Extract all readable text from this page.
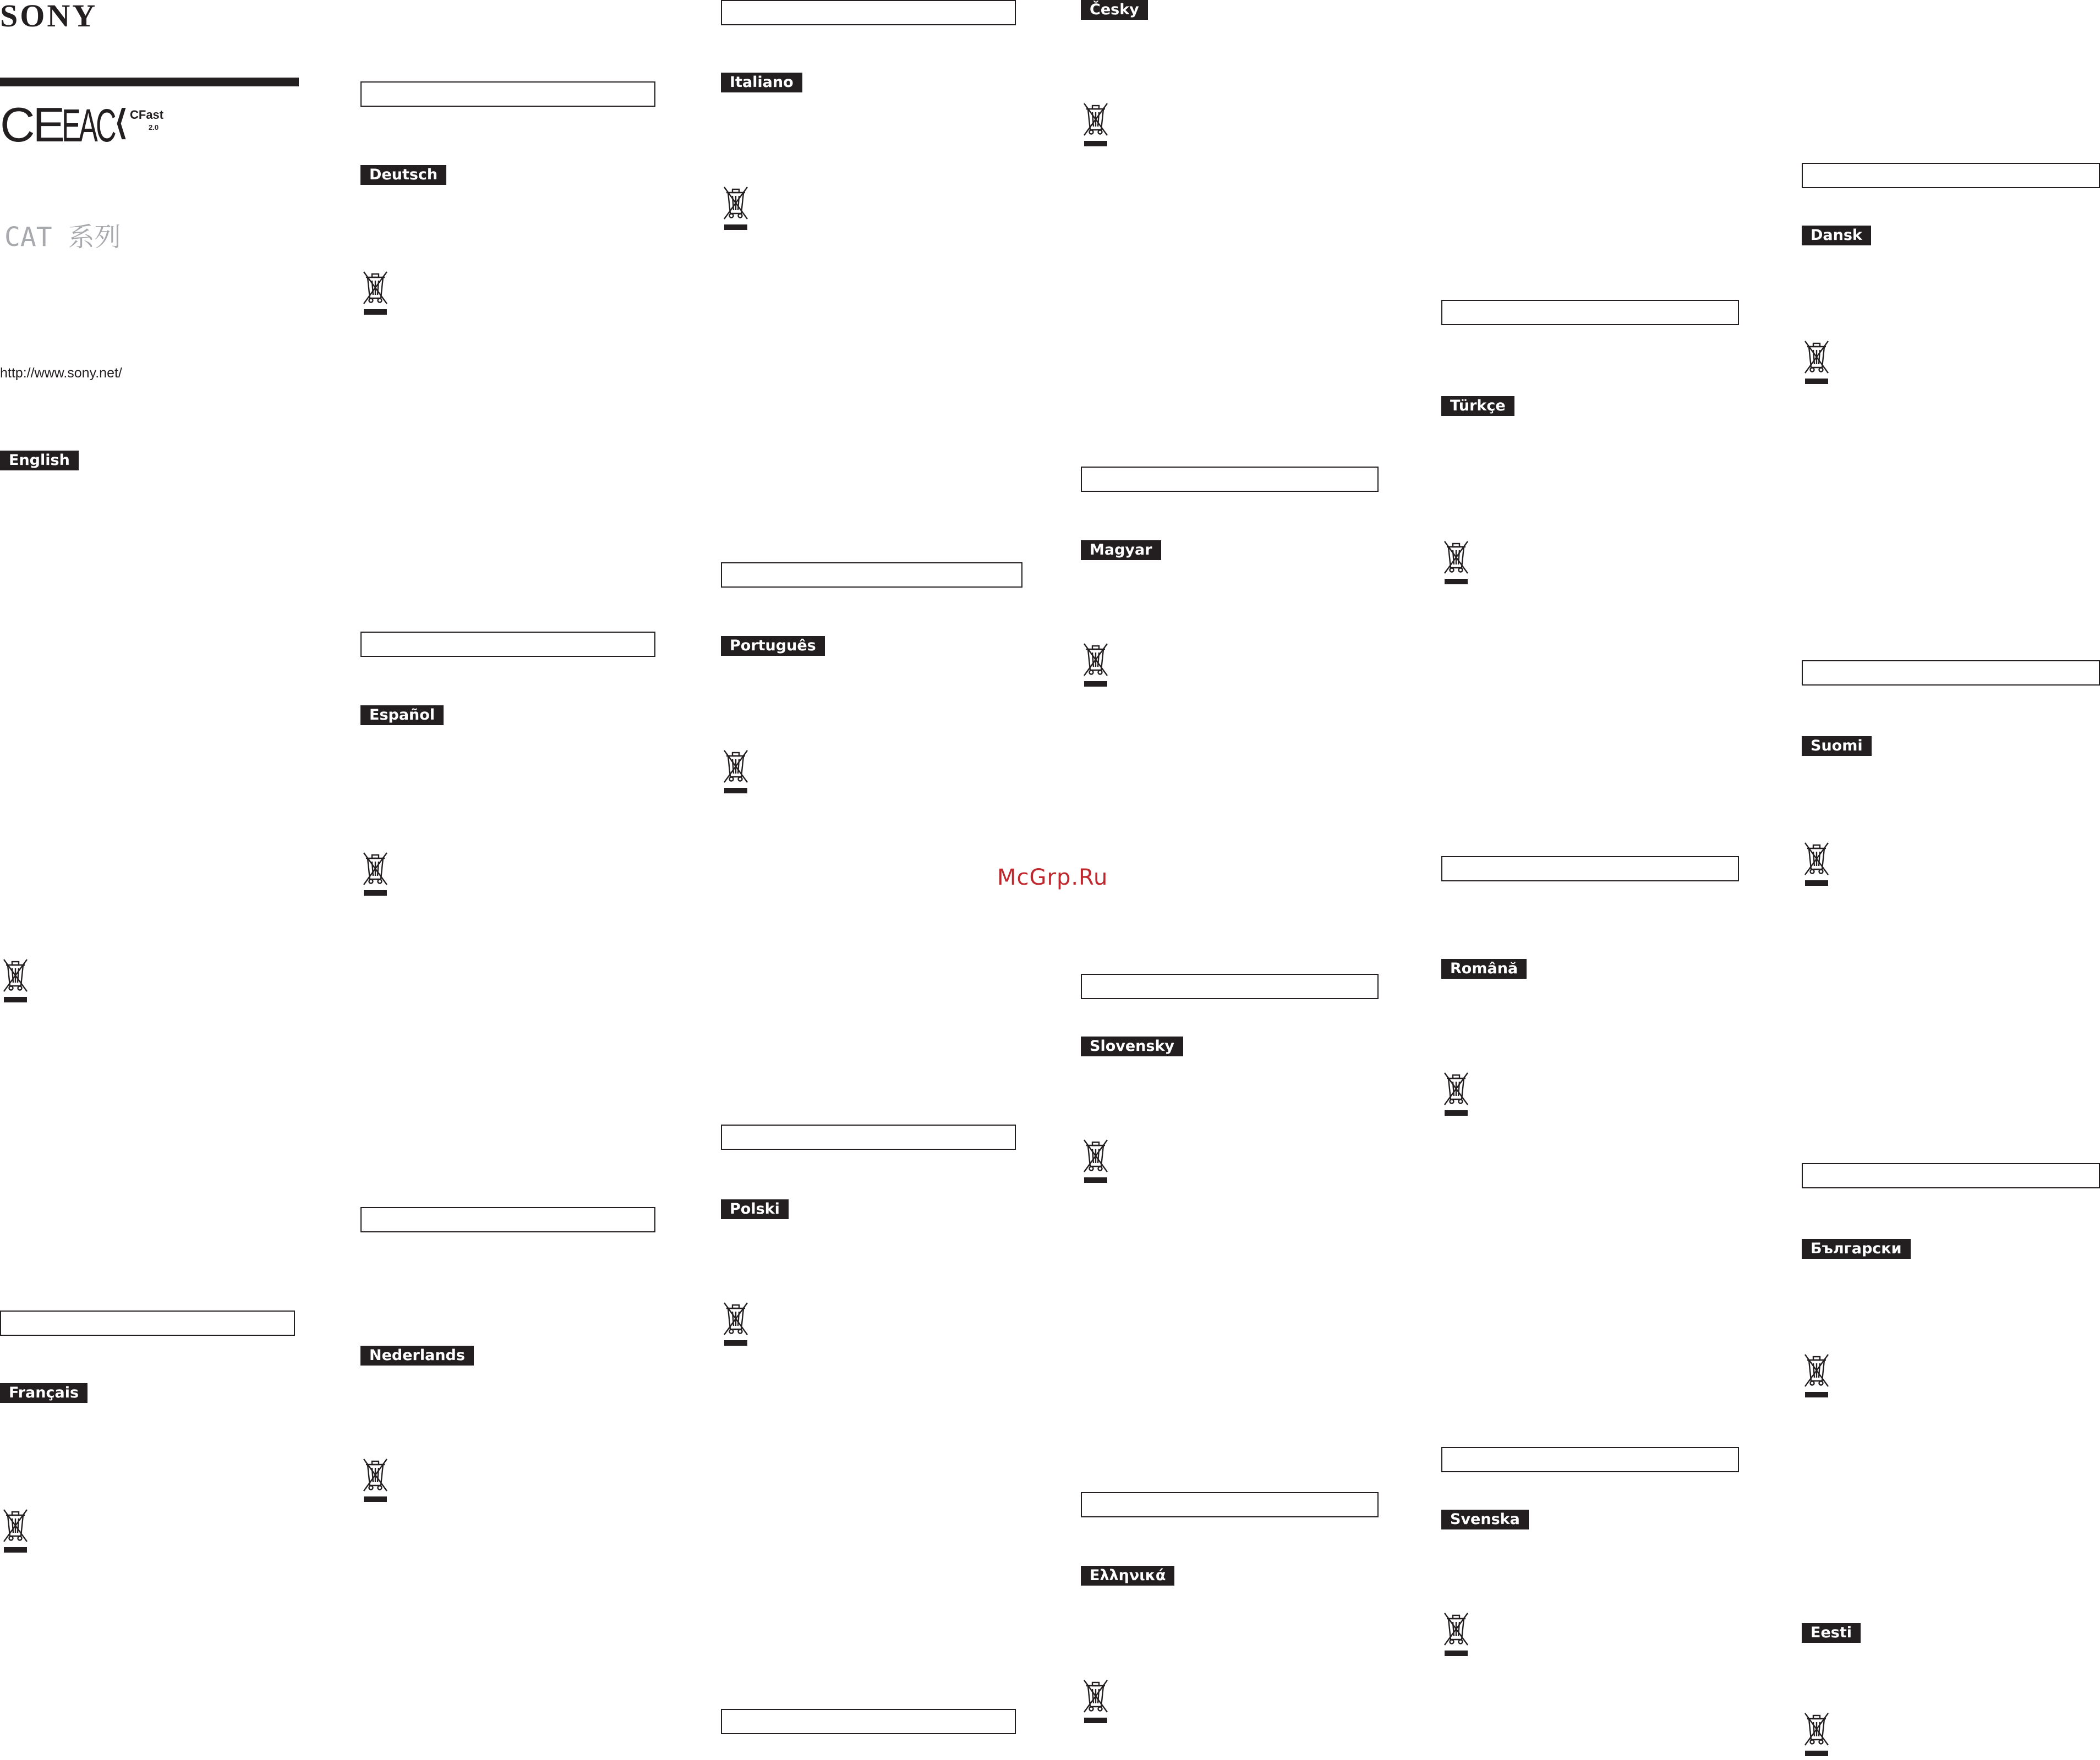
SONY
CE
EAC ⟨ CFast
2.0
CAT 系列
http://www.sony.net/
English
Français
Deutsch
Español
Nederlands
Italiano
Português
Polski
Česky
Magyar
Slovensky
Ελληνικά
Türkçe
Română
Svenska
Dansk
Suomi
Български
Eesti
McGrp.Ru
